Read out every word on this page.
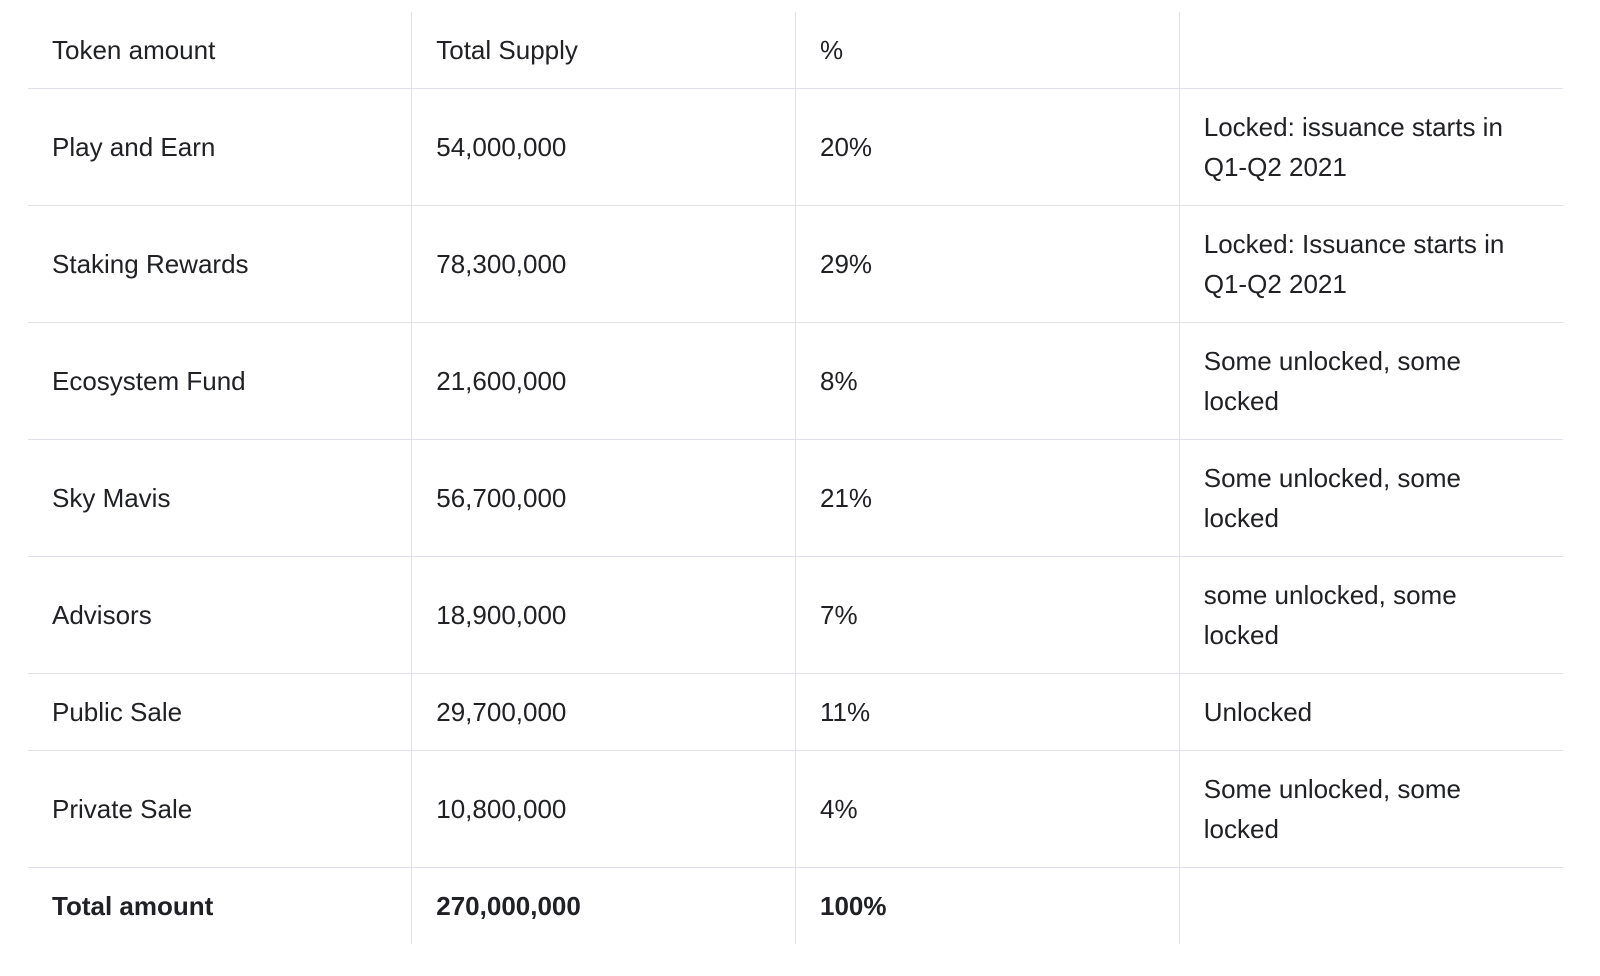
Token amount	Total Supply	%	
Play and Earn	54,000,000	20%	Locked: issuance starts in Q1-Q2 2021

Staking Rewards	78,300,000	29%	Locked: Issuance starts in Q1-Q2 2021

Ecosystem Fund	21,600,000	8%	Some unlocked, some locked

Sky Mavis	56,700,000	21%	Some unlocked, some locked

Advisors	18,900,000	7%	some unlocked, some locked

Public Sale	29,700,000	11%	Unlocked

Private Sale	10,800,000	4%	Some unlocked, some locked

Total amount	270,000,000	100%	
